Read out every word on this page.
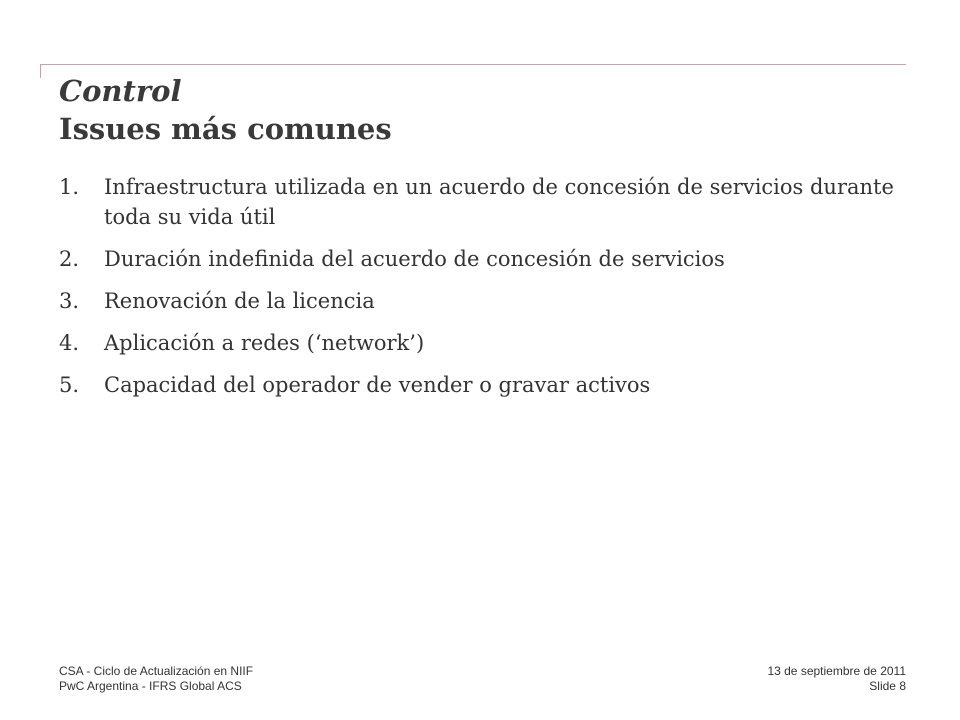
Control
Issues más comunes
1.	Infraestructura utilizada en un acuerdo de concesión de servicios durante toda su vida útil
2.	Duración indefinida del acuerdo de concesión de servicios
3.	Renovación de la licencia
4.	Aplicación a redes (‘network’)
5.	Capacidad del operador de vender o gravar activos
CSA - Ciclo de Actualización en NIIF
PwC Argentina - IFRS Global ACS
13 de septiembre de 2011
Slide 8
